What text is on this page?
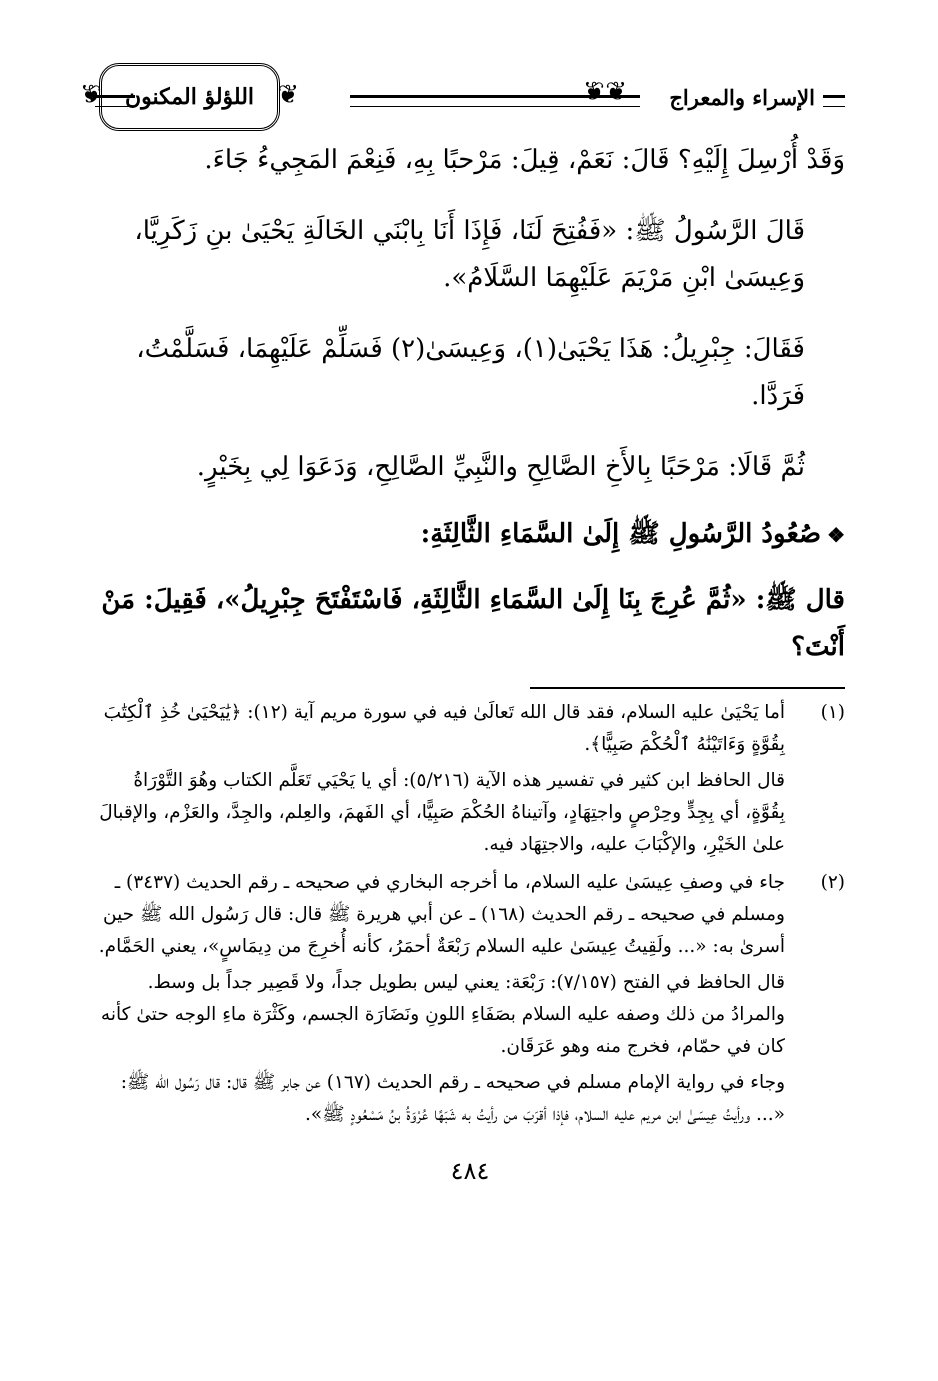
الإسراء والمعراج
❦ اللؤلؤ المكنون
❦

وَقَدْ أُرْسِلَ إِلَيْهِ؟ قَالَ: نَعَمْ، قِيلَ: مَرْحبًا بِهِ، فَنِعْمَ المَجِيءُ جَاءَ.

قَالَ الرَّسُولُ ﷺ: «فَفُتِحَ لَنَا، فَإِذَا أَنَا بِابْنَي الخَالَةِ يَحْيَىٰ بنِ زَكَرِيَّا، وَعِيسَىٰ ابْنِ مَرْيَمَ عَلَيْهِمَا السَّلَامُ».

فَقَالَ: جِبْرِيلُ: هَذَا يَحْيَىٰ(١)، وَعِيسَىٰ(٢) فَسَلِّمْ عَلَيْهِمَا، فَسَلَّمْتُ، فَرَدَّا.

ثُمَّ قَالَا: مَرْحَبًا بِالأَخِ الصَّالِحِ والنَّبِيِّ الصَّالِحِ، وَدَعَوَا لِي بِخَيْرٍ.

❖صُعُودُ الرَّسُولِ ﷺ إِلَىٰ السَّمَاءِ الثَّالِثَةِ:

قال ﷺ: «ثُمَّ عُرِجَ بِنَا إِلَىٰ السَّمَاءِ الثَّالِثَةِ، فَاسْتَفْتَحَ جِبْرِيلُ»، فَقِيلَ: مَنْ أَنْتَ؟

(١)

أما يَحْيَىٰ عليه السلام، فقد قال الله تَعالَىٰ فيه في سورة مريم آية (١٢): ﴿يَٰيَحْيَىٰ خُذِ ٱلْكِتَٰبَ بِقُوَّةٍ وَءَاتَيْنَٰهُ ٱلْحُكْمَ صَبِيًّا﴾.

قال الحافظ ابن كثير في تفسير هذه الآية (٥/٢١٦): أي يا يَحْيَي تَعَلَّم الكتاب وهُوَ التَّوْرَاةُ بِقُوَّةٍ، أي بِجِدٍّ وحِرْصٍ واجتِهَادٍ، وآتيناهُ الحُكْمَ صَبِيًّا، أي الفَهمَ، والعِلم، والجِدَّ، والعَزْم، والإقبالَ علىٰ الخَيْرِ، والإكْبَابَ عليه، والاجتِهَاد فيه.

(٢)

جاء في وصفِ عِيسَىٰ عليه السلام، ما أخرجه البخاري في صحيحه ـ رقم الحديث (٣٤٣٧) ـ ومسلم في صحيحه ـ رقم الحديث (١٦٨) ـ عن أبي هريرة ﷺ قال: قال رَسُول الله ﷺ حين أسرىٰ به: «... ولَقِيتُ عِيسَىٰ عليه السلام رَبْعَةٌ أحمَرُ، كأنه أُخرِجَ من دِيمَاسٍ»، يعني الحَمَّام.

قال الحافظ في الفتح (٧/١٥٧): رَبْعَة: يعني ليس بطويل جداً، ولا قَصِير جداً بل وسط. والمرادُ من ذلك وصفه عليه السلام بصَفَاءِ اللونِ ونَضَارَة الجسم، وكَثْرَة ماءِ الوجه حتىٰ كأنه كان في حمّام، فخرج منه وهو عَرَقَان.

وجاء في رواية الإمام مسلم في صحيحه ـ رقم الحديث (١٦٧) عن جابر ﷺ قال: قال رَسُول الله ﷺ: «... ورأيتُ عِيسَىٰ ابن مريم عليه السلام، فإذا أقرَبَ من رأيتُ به شَبَهًا عُرْوَةُ بنُ مَسْعُودٍ ﷺ».

٤٨٤
